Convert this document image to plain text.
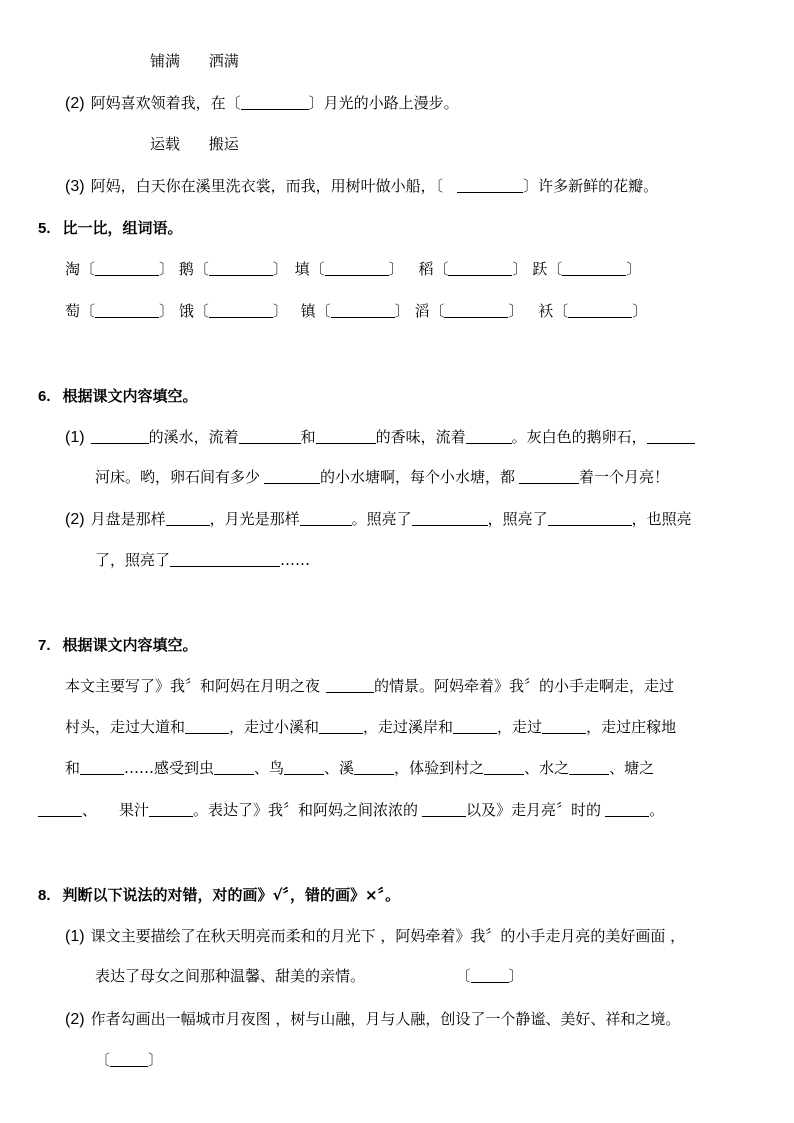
铺满 洒满
(2) 阿妈喜欢领着我，在〔	〕月光的小路上漫步。
运载 搬运
(3) 阿妈，白天你在溪里洗衣裳，而我，用树叶做小船，〔	〕许多新鲜的花瓣。
5. 比一比，组词语。
淘〔	〕 鹅〔	〕 填〔	〕 稻〔	〕 跃〔	〕
萄〔	〕 饿〔	〕 镇〔	〕 滔〔	〕 袄〔	〕
6. 根据课文内容填空。
(1)	的溪水，流着	和	的香味，流着	。灰白色的鹅卵石，
河床。哟，卵石间有多少	的小水塘啊，每个小水塘，都	着一个月亮！
(2) 月盘是那样	，月光是那样	。照亮了	，照亮了	，也照亮
了，照亮了	……
7. 根据课文内容填空。
本文主要写了》我〞和阿妈在月明之夜	的情景。阿妈牵着》我〞的小手走啊走，走过
村头，走过大道和	，走过小溪和	，走过溪岸和	，走过	，走过庄稼地
和	……感受到虫	、鸟	、溪	，体验到村之	、水之	、塘之
、 果汁	。表达了》我〞和阿妈之间浓浓的	以及》走月亮〞时的	。
8. 判断以下说法的对错，对的画》√〞，错的画》×〞。
(1) 课文主要描绘了在秋天明亮而柔和的月光下 ，阿妈牵着》我〞的小手走月亮的美好画面 ，
表达了母女之间那种温馨、甜美的亲情。	〔	〕
(2) 作者勾画出一幅城市月夜图 ，树与山融，月与人融，创设了一个静谧、美好、祥和之境。
〔	〕
